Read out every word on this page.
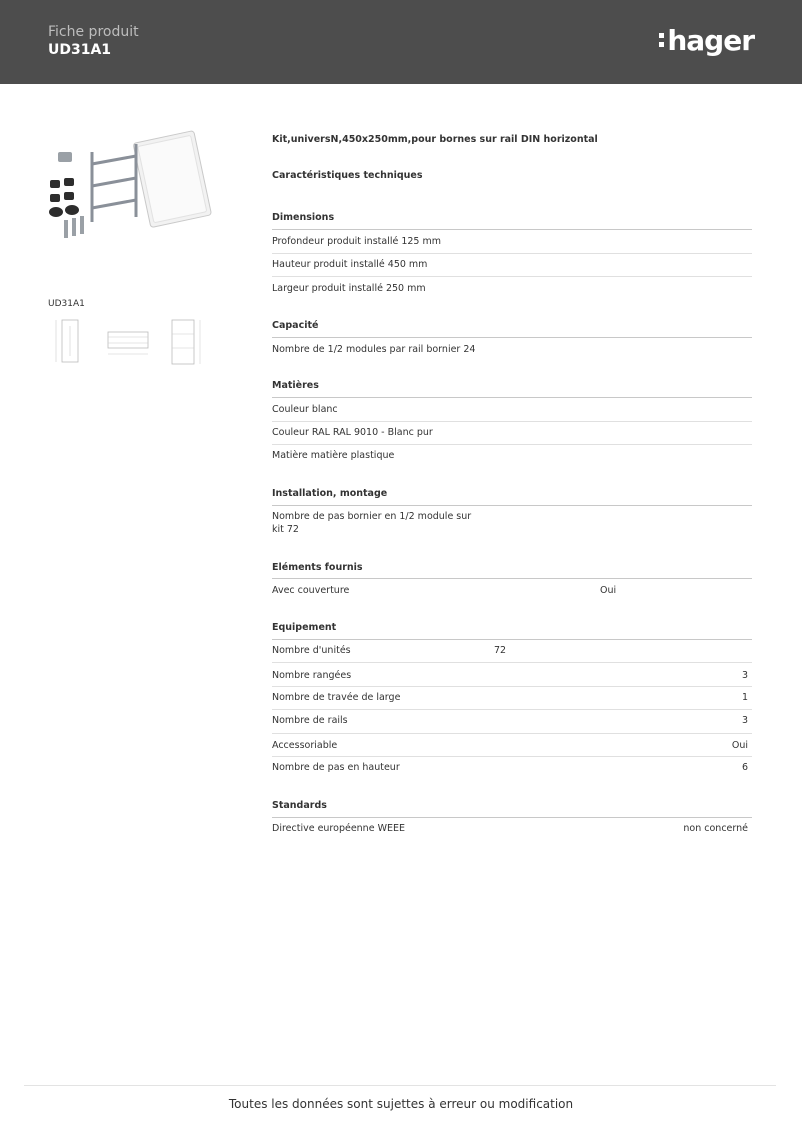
Fiche produit
UD31A1	hager
UD31A1
Kit,universN,450x250mm,pour bornes sur rail DIN horizontal
Caractéristiques techniques
Dimensions
Profondeur produit installé 125 mm
Hauteur produit installé 450 mm
Largeur produit installé 250 mm
Capacité
Nombre de 1/2 modules par rail bornier 24
Matières
Couleur blanc
Couleur RAL RAL 9010 - Blanc pur
Matière matière plastique
Installation, montage
Nombre de pas bornier en 1/2 module sur
kit 72
Eléments fournis
Avec couverture	Oui
Equipement
Nombre d'unités	72
Nombre rangées	3
Nombre de travée de large	1
Nombre de rails	3
Accessoriable	Oui
Nombre de pas en hauteur	6
Standards
Directive européenne WEEE	non concerné
Toutes les données sont sujettes à erreur ou modification
